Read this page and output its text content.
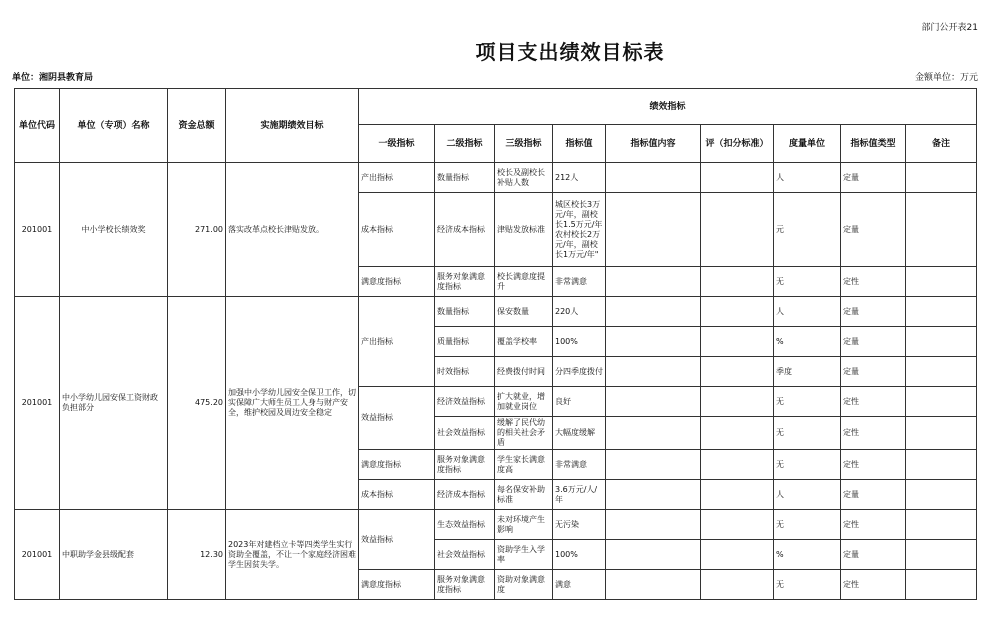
部门公开表21
项目支出绩效目标表
单位：湘阴县教育局	金额单位：万元
单位代码	单位（专项）名称	资金总额	实施期绩效目标	绩效指标								
				一级指标	二级指标	三级指标	指标值	指标值内容	评（扣分标准）	度量单位	指标值类型	备注
201001	中小学校长绩效奖	271.00	落实改革点校长津贴发放。	产出指标	数量指标	校长及副校长补贴人数	212人			人	定量	
				成本指标	经济成本指标	津贴发放标准	城区校长3万元/年，副校长1.5万元/年 农村校长2万元/年，副校长1万元/年"			元	定量	
				满意度指标	服务对象满意度指标	校长满意度提升	非常满意			无	定性	
201001	中小学幼儿园安保工资财政负担部分	475.20	加强中小学幼儿园安全保卫工作，切实保障广大师生员工人身与财产安全，维护校园及周边安全稳定	产出指标	数量指标	保安数量	220人			人	定量	
					质量指标	覆盖学校率	100%			%	定量	
					时效指标	经费拨付时间	分四季度拨付			季度	定量	
				效益指标	经济效益指标	扩大就业，增加就业岗位	良好			无	定性	
					社会效益指标	缓解了民代幼的相关社会矛盾	大幅度缓解			无	定性	
				满意度指标	服务对象满意度指标	学生家长满意度高	非常满意			无	定性	
				成本指标	经济成本指标	每名保安补助标准	3.6万元/人/年			人	定量	
201001	中职助学金县级配套	12.30	2023年对建档立卡等四类学生实行资助全覆盖，不让一个家庭经济困难学生因贫失学。	效益指标	生态效益指标	未对环境产生影响	无污染			无	定性	
					社会效益指标	资助学生入学率	100%			%	定量	
				满意度指标	服务对象满意度指标	资助对象满意度	满意			无	定性	
